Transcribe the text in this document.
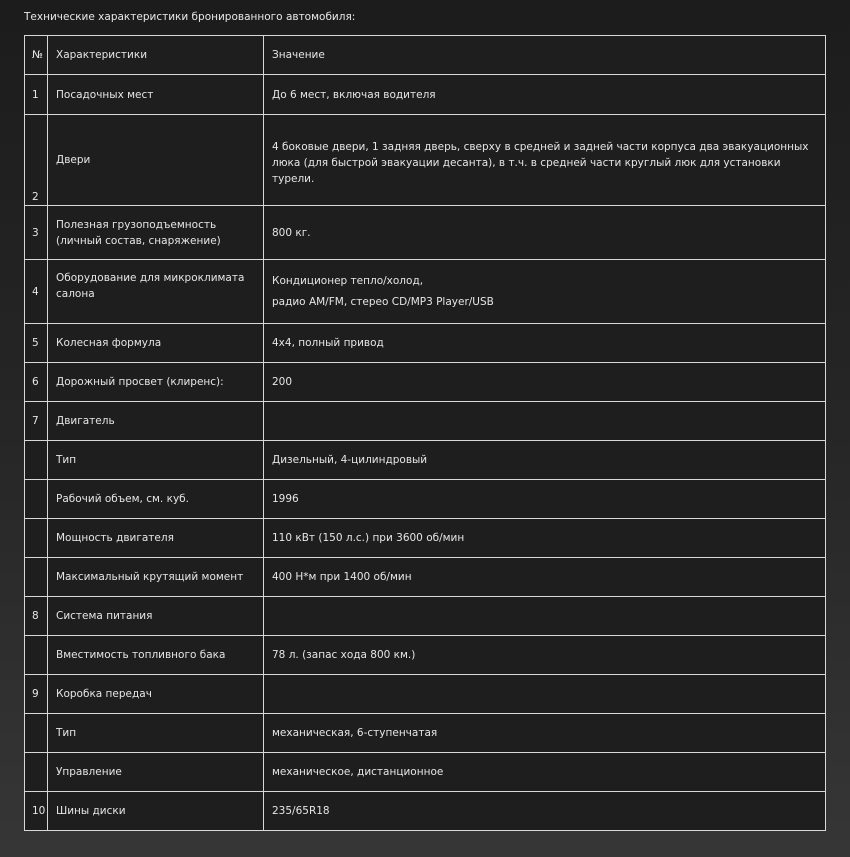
Технические характеристики бронированного автомобиля:
№	Характеристики	Значение
1	Посадочных мест	До 6 мест, включая водителя

2	Двери	4 боковые двери, 1 задняя дверь, сверху в средней и задней части корпуса два эвакуационных люка (для быстрой эвакуации десанта), в т.ч. в средней части круглый люк для установки турели.

3	Полезная грузоподъемность (личный состав, снаряжение)	800 кг.

4	Оборудование для микроклимата салона	Кондиционер тепло/холод,

радио AM/FM, стерео CD/MP3 Player/USB

5	Колесная формула	4x4, полный привод

6	Дорожный просвет (клиренс):	200

7	Двигатель	

	Тип	Дизельный, 4-цилиндровый

	Рабочий объем, см. куб.	1996

	Мощность двигателя	110 кВт (150 л.с.) при 3600 об/мин

	Максимальный крутящий момент	400 Н*м при 1400 об/мин

8	Система питания	

	Вместимость топливного бака	78 л. (запас хода 800 км.)

9	Коробка передач	

	Тип	механическая, 6-ступенчатая

	Управление	механическое, дистанционное

10	Шины диски	235/65R18
